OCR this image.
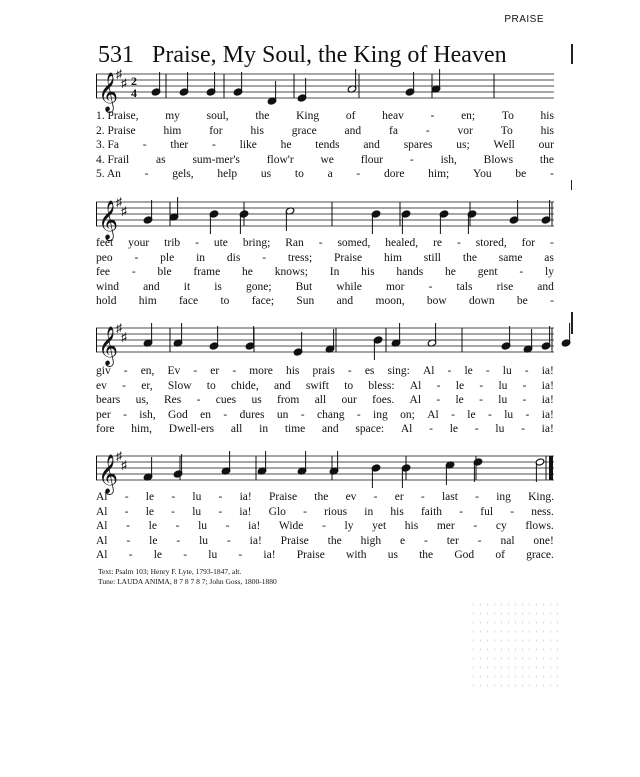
PRAISE
531 Praise, My Soul, the King of Heaven
𝄞
♯
♯ 2
4
1. Praise, my soul, the King of heav - en; To his
2. Praise him for his grace and fa - vor To his
3. Fa - ther - like he tends and spares us; Well our
4. Frail as sum-mer's flow'r we flour - ish, Blows the
5. An - gels, help us to a - dore him; You be -
𝄞
♯
♯
feet your trib - ute bring; Ran - somed, healed, re - stored, for -
peo - ple in dis - tress; Praise him still the same as
fee - ble frame he knows; In his hands he gent - ly
wind and it is gone; But while mor - tals rise and
hold him face to face; Sun and moon, bow down be -
𝄞
♯
♯
giv - en, Ev - er - more his prais - es sing: Al - le - lu - ia!
ev - er, Slow to chide, and swift to bless: Al - le - lu - ia!
bears us, Res - cues us from all our foes. Al - le - lu - ia!
per - ish, God en - dures un - chang - ing on; Al - le - lu - ia!
fore him, Dwell-ers all in time and space: Al - le - lu - ia!
𝄞
♯
♯
Al - le - lu - ia! Praise the ev - er - last - ing King.
Al - le - lu - ia! Glo - rious in his faith - ful - ness.
Al - le - lu - ia! Wide - ly yet his mer - cy flows.
Al - le - lu - ia! Praise the high e - ter - nal one!
Al - le - lu - ia! Praise with us the God of grace.
Text: Psalm 103; Henry F. Lyte, 1793-1847, alt.
Tune: LAUDA ANIMA, 8 7 8 7 8 7; John Goss, 1800-1880
